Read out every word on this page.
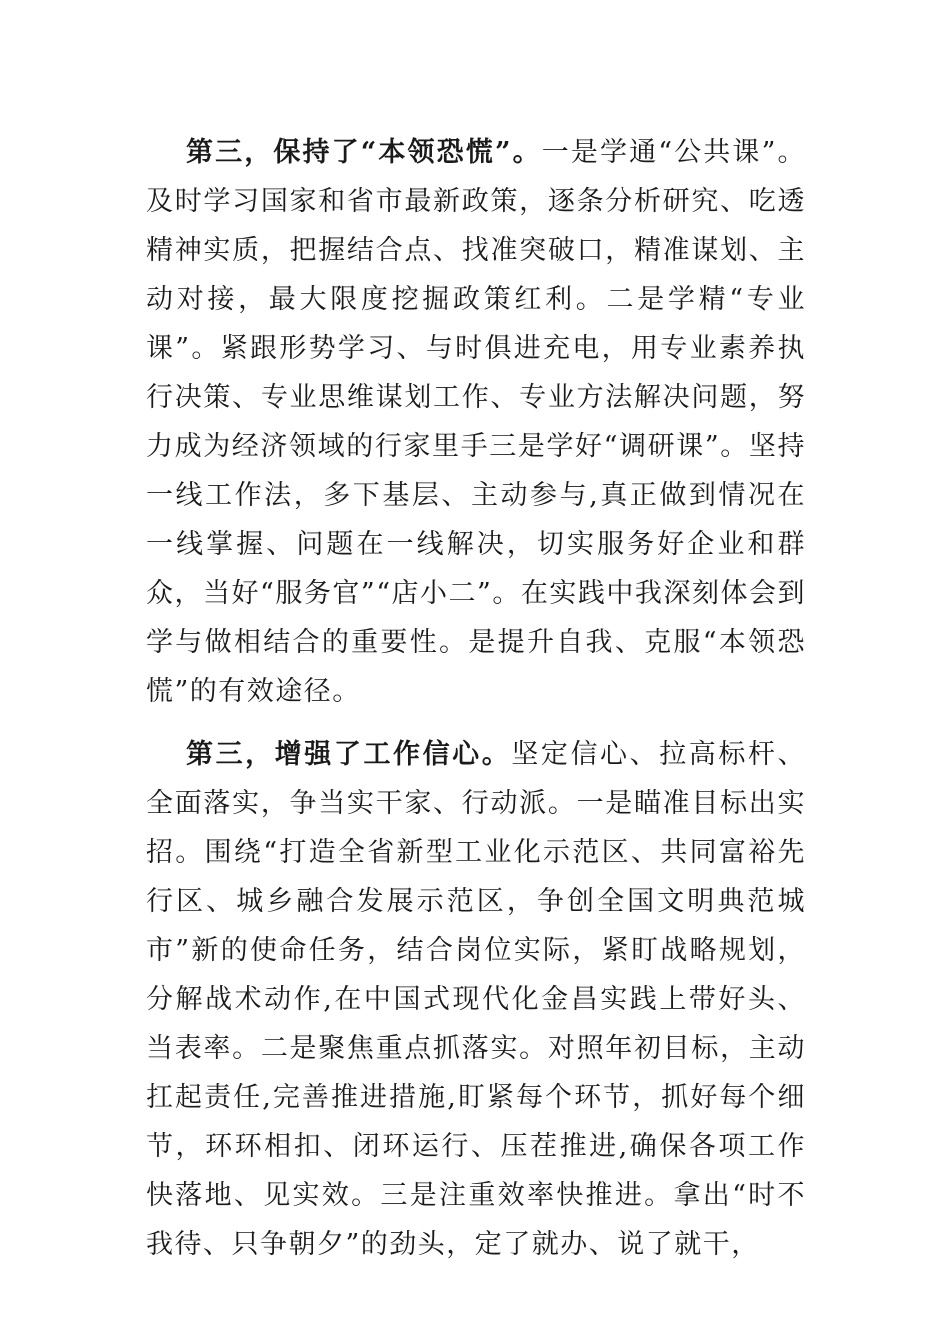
第三，保持了“本领恐慌”。一是学通“公共课”。及时学习国家和省市最新政策，逐条分析研究、吃透精神实质，把握结合点、找准突破口，精准谋划、主动对接，最大限度挖掘政策红利。二是学精“专业课”。紧跟形势学习、与时俱进充电，用专业素养执行决策、专业思维谋划工作、专业方法解决问题，努力成为经济领域的行家里手三是学好“调研课”。坚持一线工作法，多下基层、主动参与,真正做到情况在一线掌握、问题在一线解决，切实服务好企业和群众，当好“服务官”“店小二”。在实践中我深刻体会到学与做相结合的重要性。是提升自我、克服“本领恐慌”的有效途径。

第三，增强了工作信心。坚定信心、拉高标杆、全面落实，争当实干家、行动派。一是瞄准目标出实招。围绕“打造全省新型工业化示范区、共同富裕先行区、城乡融合发展示范区，争创全国文明典范城市”新的使命任务，结合岗位实际，紧盯战略规划，分解战术动作,在中国式现代化金昌实践上带好头、当表率。二是聚焦重点抓落实。对照年初目标，主动扛起责任,完善推进措施,盯紧每个环节，抓好每个细节，环环相扣、闭环运行、压茬推进,确保各项工作快落地、见实效。三是注重效率快推进。拿出“时不我待、只争朝夕”的劲头，定了就办、说了就干，
